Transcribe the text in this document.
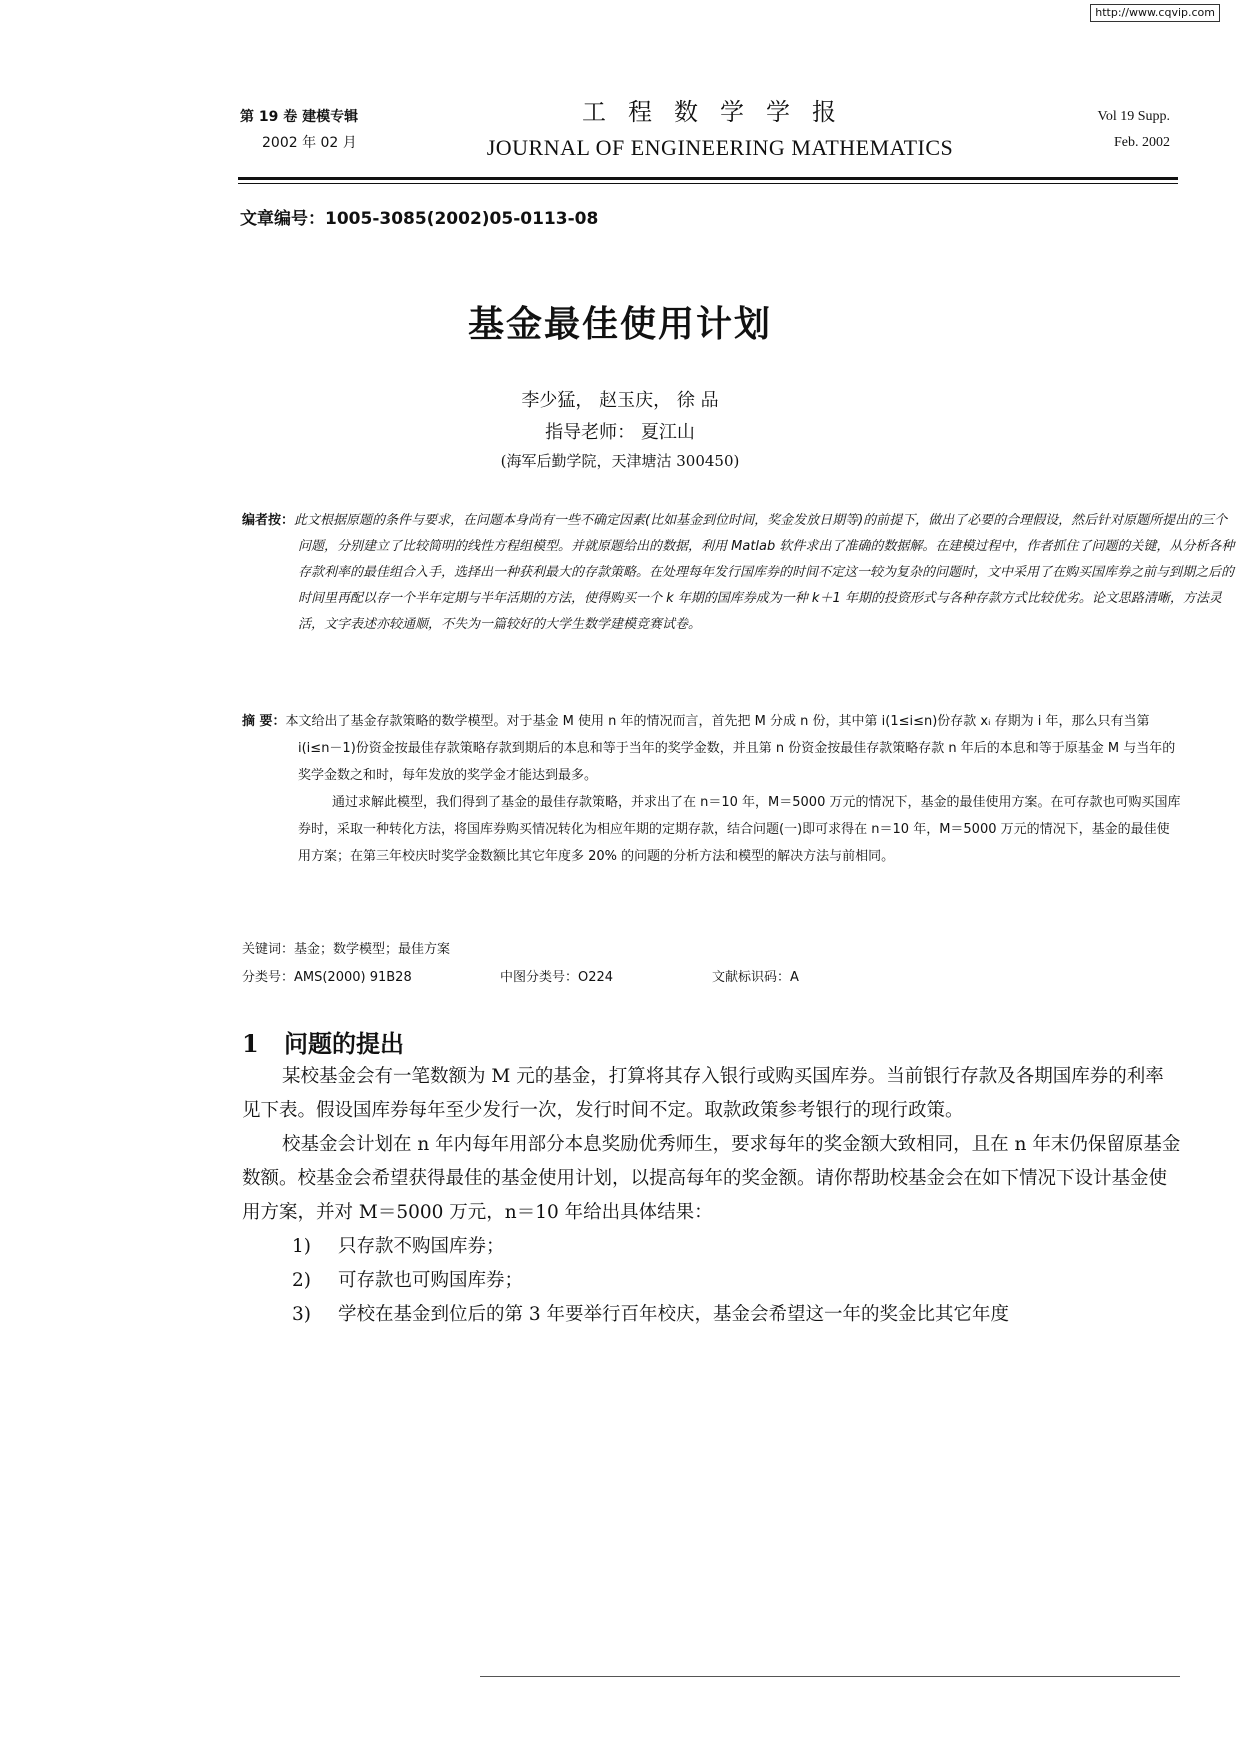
http://www.cqvip.com
第 19 卷 建模专辑
2002 年 02 月
工程数学学报
JOURNAL OF ENGINEERING MATHEMATICS
Vol 19 Supp.
Feb. 2002
文章编号：1005-3085(2002)05-0113-08
基金最佳使用计划
李少猛， 赵玉庆， 徐 品
指导老师： 夏江山
(海军后勤学院，天津塘沽 300450)
编者按：此文根据原题的条件与要求，在问题本身尚有一些不确定因素(比如基金到位时间，奖金发放日期等)的前提下，做出了必要的合理假设，然后针对原题所提出的三个问题，分别建立了比较简明的线性方程组模型。并就原题给出的数据，利用 Matlab 软件求出了准确的数据解。在建模过程中，作者抓住了问题的关键，从分析各种存款利率的最佳组合入手，选择出一种获利最大的存款策略。在处理每年发行国库券的时间不定这一较为复杂的问题时，文中采用了在购买国库券之前与到期之后的时间里再配以存一个半年定期与半年活期的方法，使得购买一个 k 年期的国库券成为一种 k＋1 年期的投资形式与各种存款方式比较优劣。论文思路清晰，方法灵活，文字表述亦较通顺，不失为一篇较好的大学生数学建模竞赛试卷。

摘 要：本文给出了基金存款策略的数学模型。对于基金 M 使用 n 年的情况而言，首先把 M 分成 n 份，其中第 i(1≤i≤n)份存款 xᵢ 存期为 i 年，那么只有当第 i(i≤n－1)份资金按最佳存款策略存款到期后的本息和等于当年的奖学金数，并且第 n 份资金按最佳存款策略存款 n 年后的本息和等于原基金 M 与当年的奖学金数之和时，每年发放的奖学金才能达到最多。

通过求解此模型，我们得到了基金的最佳存款策略，并求出了在 n＝10 年，M＝5000 万元的情况下，基金的最佳使用方案。在可存款也可购买国库券时，采取一种转化方法，将国库券购买情况转化为相应年期的定期存款，结合问题(一)即可求得在 n＝10 年，M＝5000 万元的情况下，基金的最佳使用方案；在第三年校庆时奖学金数额比其它年度多 20% 的问题的分析方法和模型的解决方法与前相同。

关键词：基金；数学模型；最佳方案
分类号：AMS(2000) 91B28	中图分类号：O224	文献标识码：A
1 问题的提出

某校基金会有一笔数额为 M 元的基金，打算将其存入银行或购买国库券。当前银行存款及各期国库券的利率见下表。假设国库券每年至少发行一次，发行时间不定。取款政策参考银行的现行政策。

校基金会计划在 n 年内每年用部分本息奖励优秀师生，要求每年的奖金额大致相同，且在 n 年末仍保留原基金数额。校基金会希望获得最佳的基金使用计划，以提高每年的奖金额。请你帮助校基金会在如下情况下设计基金使用方案，并对 M＝5000 万元，n＝10 年给出具体结果：

1) 只存款不购国库券；

2) 可存款也可购国库券；

3) 学校在基金到位后的第 3 年要举行百年校庆，基金会希望这一年的奖金比其它年度
